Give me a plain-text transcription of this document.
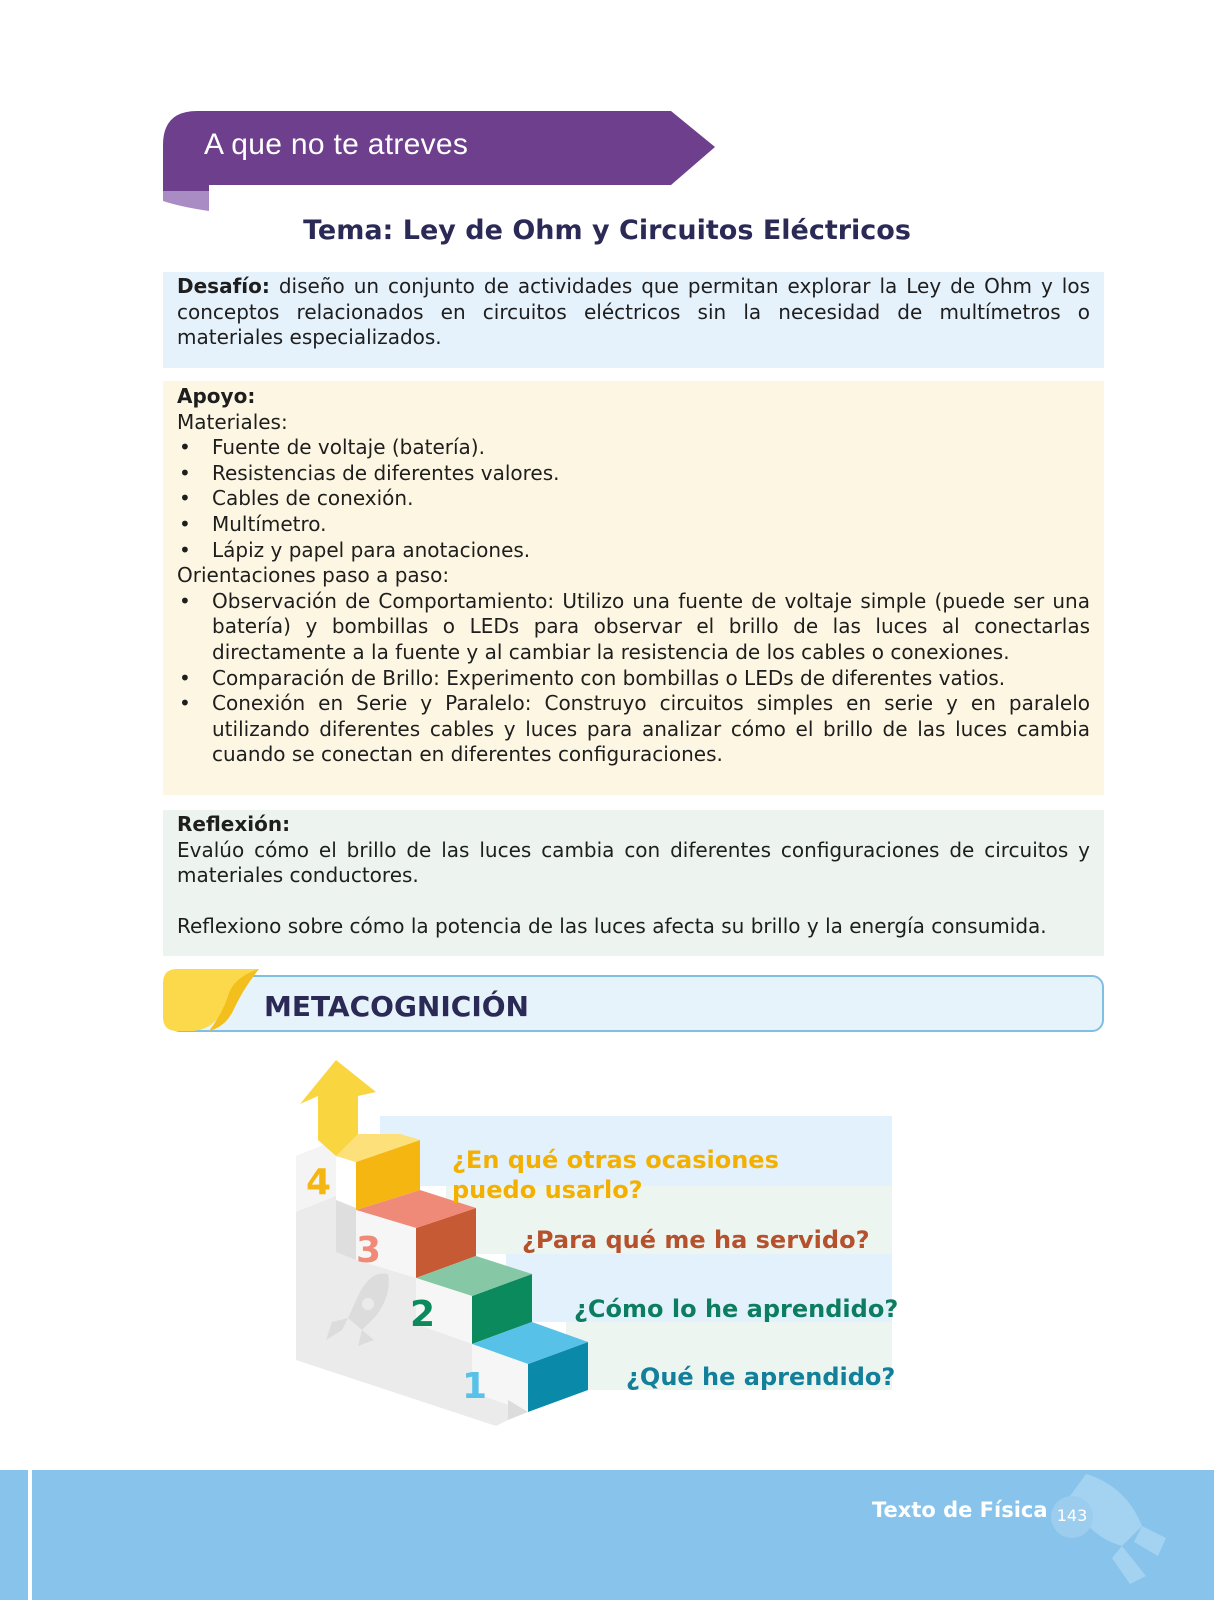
A que no te atreves
Tema: Ley de Ohm y Circuitos Eléctricos

Desafío: diseño un conjunto de actividades que permitan explorar la Ley de Ohm y los conceptos relacionados en circuitos eléctricos sin la necesidad de multímetros o materiales especializados.

Apoyo:

Materiales:

• Fuente de voltaje (batería).
• Resistencias de diferentes valores.
• Cables de conexión.
• Multímetro.
• Lápiz y papel para anotaciones.

Orientaciones paso a paso:

• Observación de Comportamiento: Utilizo una fuente de voltaje simple (puede ser una batería) y bombillas o LEDs para observar el brillo de las luces al conectarlas directamente a la fuente y al cambiar la resistencia de los cables o conexiones.
• Comparación de Brillo: Experimento con bombillas o LEDs de diferentes vatios.
• Conexión en Serie y Paralelo: Construyo circuitos simples en serie y en paralelo utilizando diferentes cables y luces para analizar cómo el brillo de las luces cambia cuando se conectan en diferentes configuraciones.

Reflexión:

Evalúo cómo el brillo de las luces cambia con diferentes configuraciones de circuitos y materiales conductores.

Reflexiono sobre cómo la potencia de las luces afecta su brillo y la energía consumida.

METACOGNICIÓN
4
3
2
1
¿En qué otras ocasiones puedo usarlo?
¿Para qué me ha servido?
¿Cómo lo he aprendido?
¿Qué he aprendido?
Texto de Física 143
